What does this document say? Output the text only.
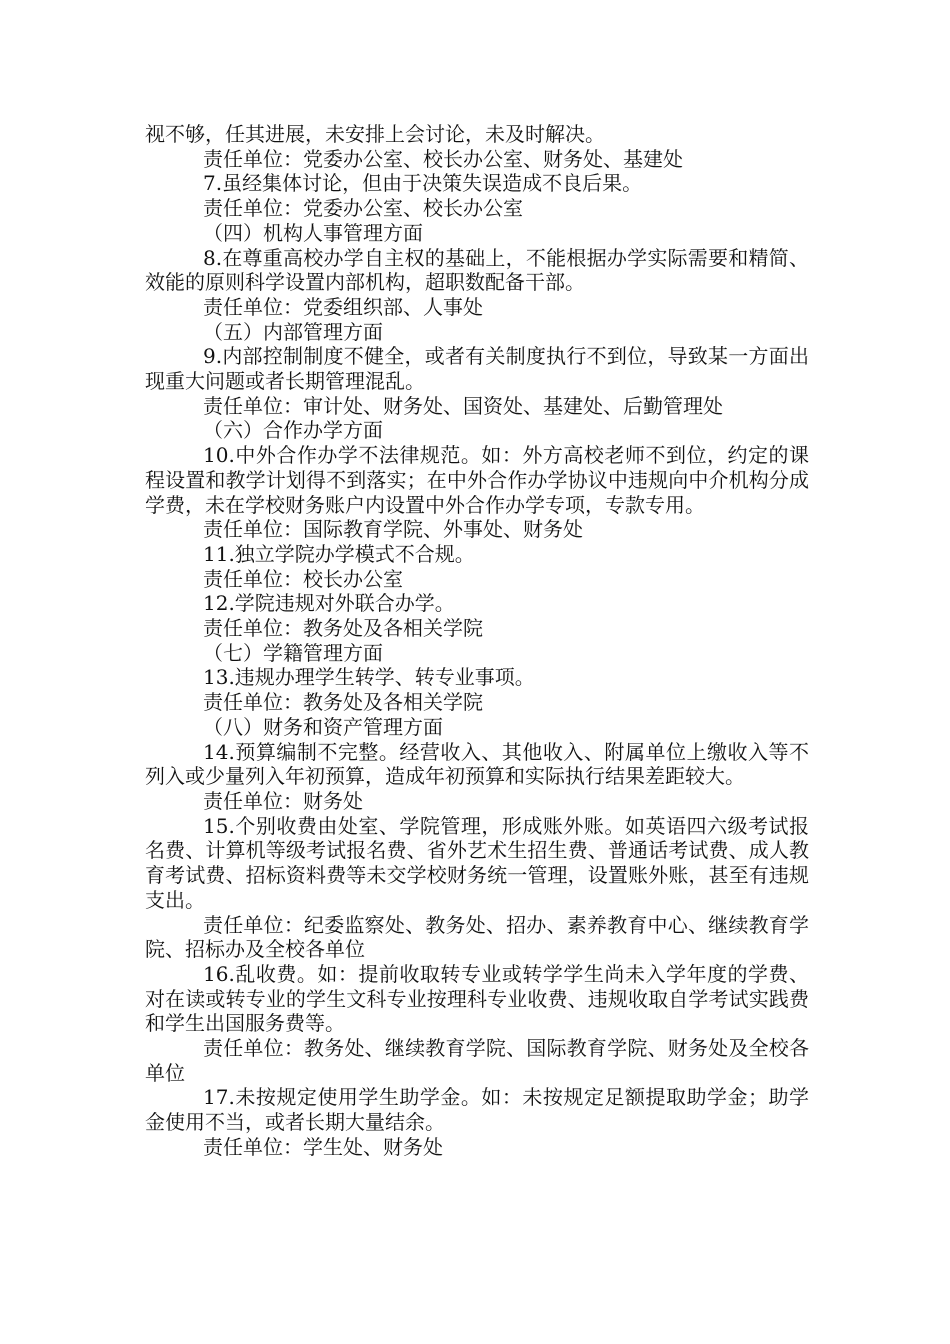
视不够，任其进展，未安排上会讨论，未及时解决。

责任单位：党委办公室、校长办公室、财务处、基建处

7.虽经集体讨论，但由于决策失误造成不良后果。

责任单位：党委办公室、校长办公室

（四）机构人事管理方面

8.在尊重高校办学自主权的基础上，不能根据办学实际需要和精简、效能的原则科学设置内部机构，超职数配备干部。

责任单位：党委组织部、人事处

（五）内部管理方面

9.内部控制制度不健全，或者有关制度执行不到位，导致某一方面出现重大问题或者长期管理混乱。

责任单位：审计处、财务处、国资处、基建处、后勤管理处

（六）合作办学方面

10.中外合作办学不法律规范。如：外方高校老师不到位，约定的课程设置和教学计划得不到落实；在中外合作办学协议中违规向中介机构分成学费，未在学校财务账户内设置中外合作办学专项，专款专用。

责任单位：国际教育学院、外事处、财务处

11.独立学院办学模式不合规。

责任单位：校长办公室

12.学院违规对外联合办学。

责任单位：教务处及各相关学院

（七）学籍管理方面

13.违规办理学生转学、转专业事项。

责任单位：教务处及各相关学院

（八）财务和资产管理方面

14.预算编制不完整。经营收入、其他收入、附属单位上缴收入等不列入或少量列入年初预算，造成年初预算和实际执行结果差距较大。

责任单位：财务处

15.个别收费由处室、学院管理，形成账外账。如英语四六级考试报名费、计算机等级考试报名费、省外艺术生招生费、普通话考试费、成人教育考试费、招标资料费等未交学校财务统一管理，设置账外账，甚至有违规支出。

责任单位：纪委监察处、教务处、招办、素养教育中心、继续教育学院、招标办及全校各单位

16.乱收费。如：提前收取转专业或转学学生尚未入学年度的学费、对在读或转专业的学生文科专业按理科专业收费、违规收取自学考试实践费和学生出国服务费等。

责任单位：教务处、继续教育学院、国际教育学院、财务处及全校各单位

17.未按规定使用学生助学金。如：未按规定足额提取助学金；助学金使用不当，或者长期大量结余。

责任单位：学生处、财务处
